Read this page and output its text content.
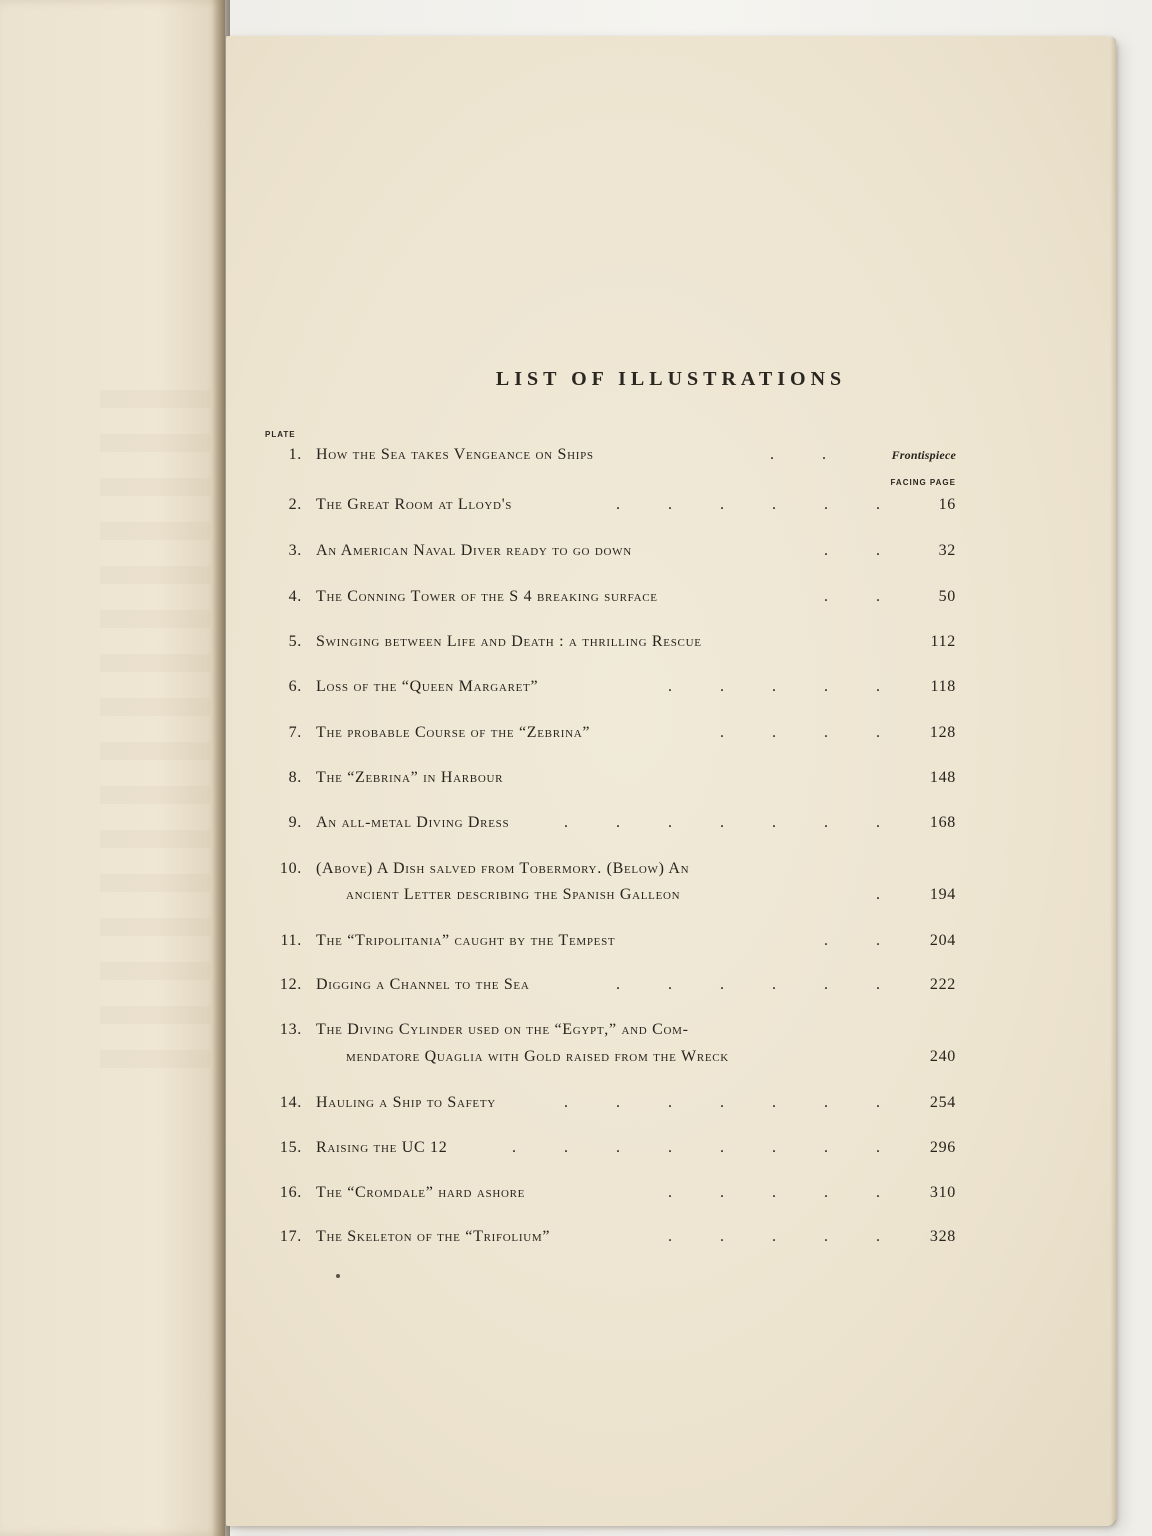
LIST OF ILLUSTRATIONS
PLATE
FACING PAGE
1. How the Sea takes Vengeance on Ships	. .	Frontispiece
2. The Great Room at Lloyd's	. . . . . .	16
3. An American Naval Diver ready to go down	. .	32
4. The Conning Tower of the S 4 breaking surface	. .	50
5. Swinging between Life and Death : a thrilling Rescue	112
6. Loss of the “Queen Margaret”	. . . . .	118
7. The probable Course of the “Zebrina”	. . . .	128
8. The “Zebrina” in Harbour	148
9. An all-metal Diving Dress	. . . . . . .	168
10. (Above) A Dish salved from Tobermory. (Below) An
ancient Letter describing the Spanish Galleon	.	194
11. The “Tripolitania” caught by the Tempest	. .	204
12. Digging a Channel to the Sea	. . . . . .	222
13. The Diving Cylinder used on the “Egypt,” and Com-
mendatore Quaglia with Gold raised from the Wreck	240
14. Hauling a Ship to Safety	. . . . . . .	254
15. Raising the UC 12	. . . . . . . .	296
16. The “Cromdale” hard ashore	. . . . .	310
17. The Skeleton of the “Trifolium”	. . . . .	328
